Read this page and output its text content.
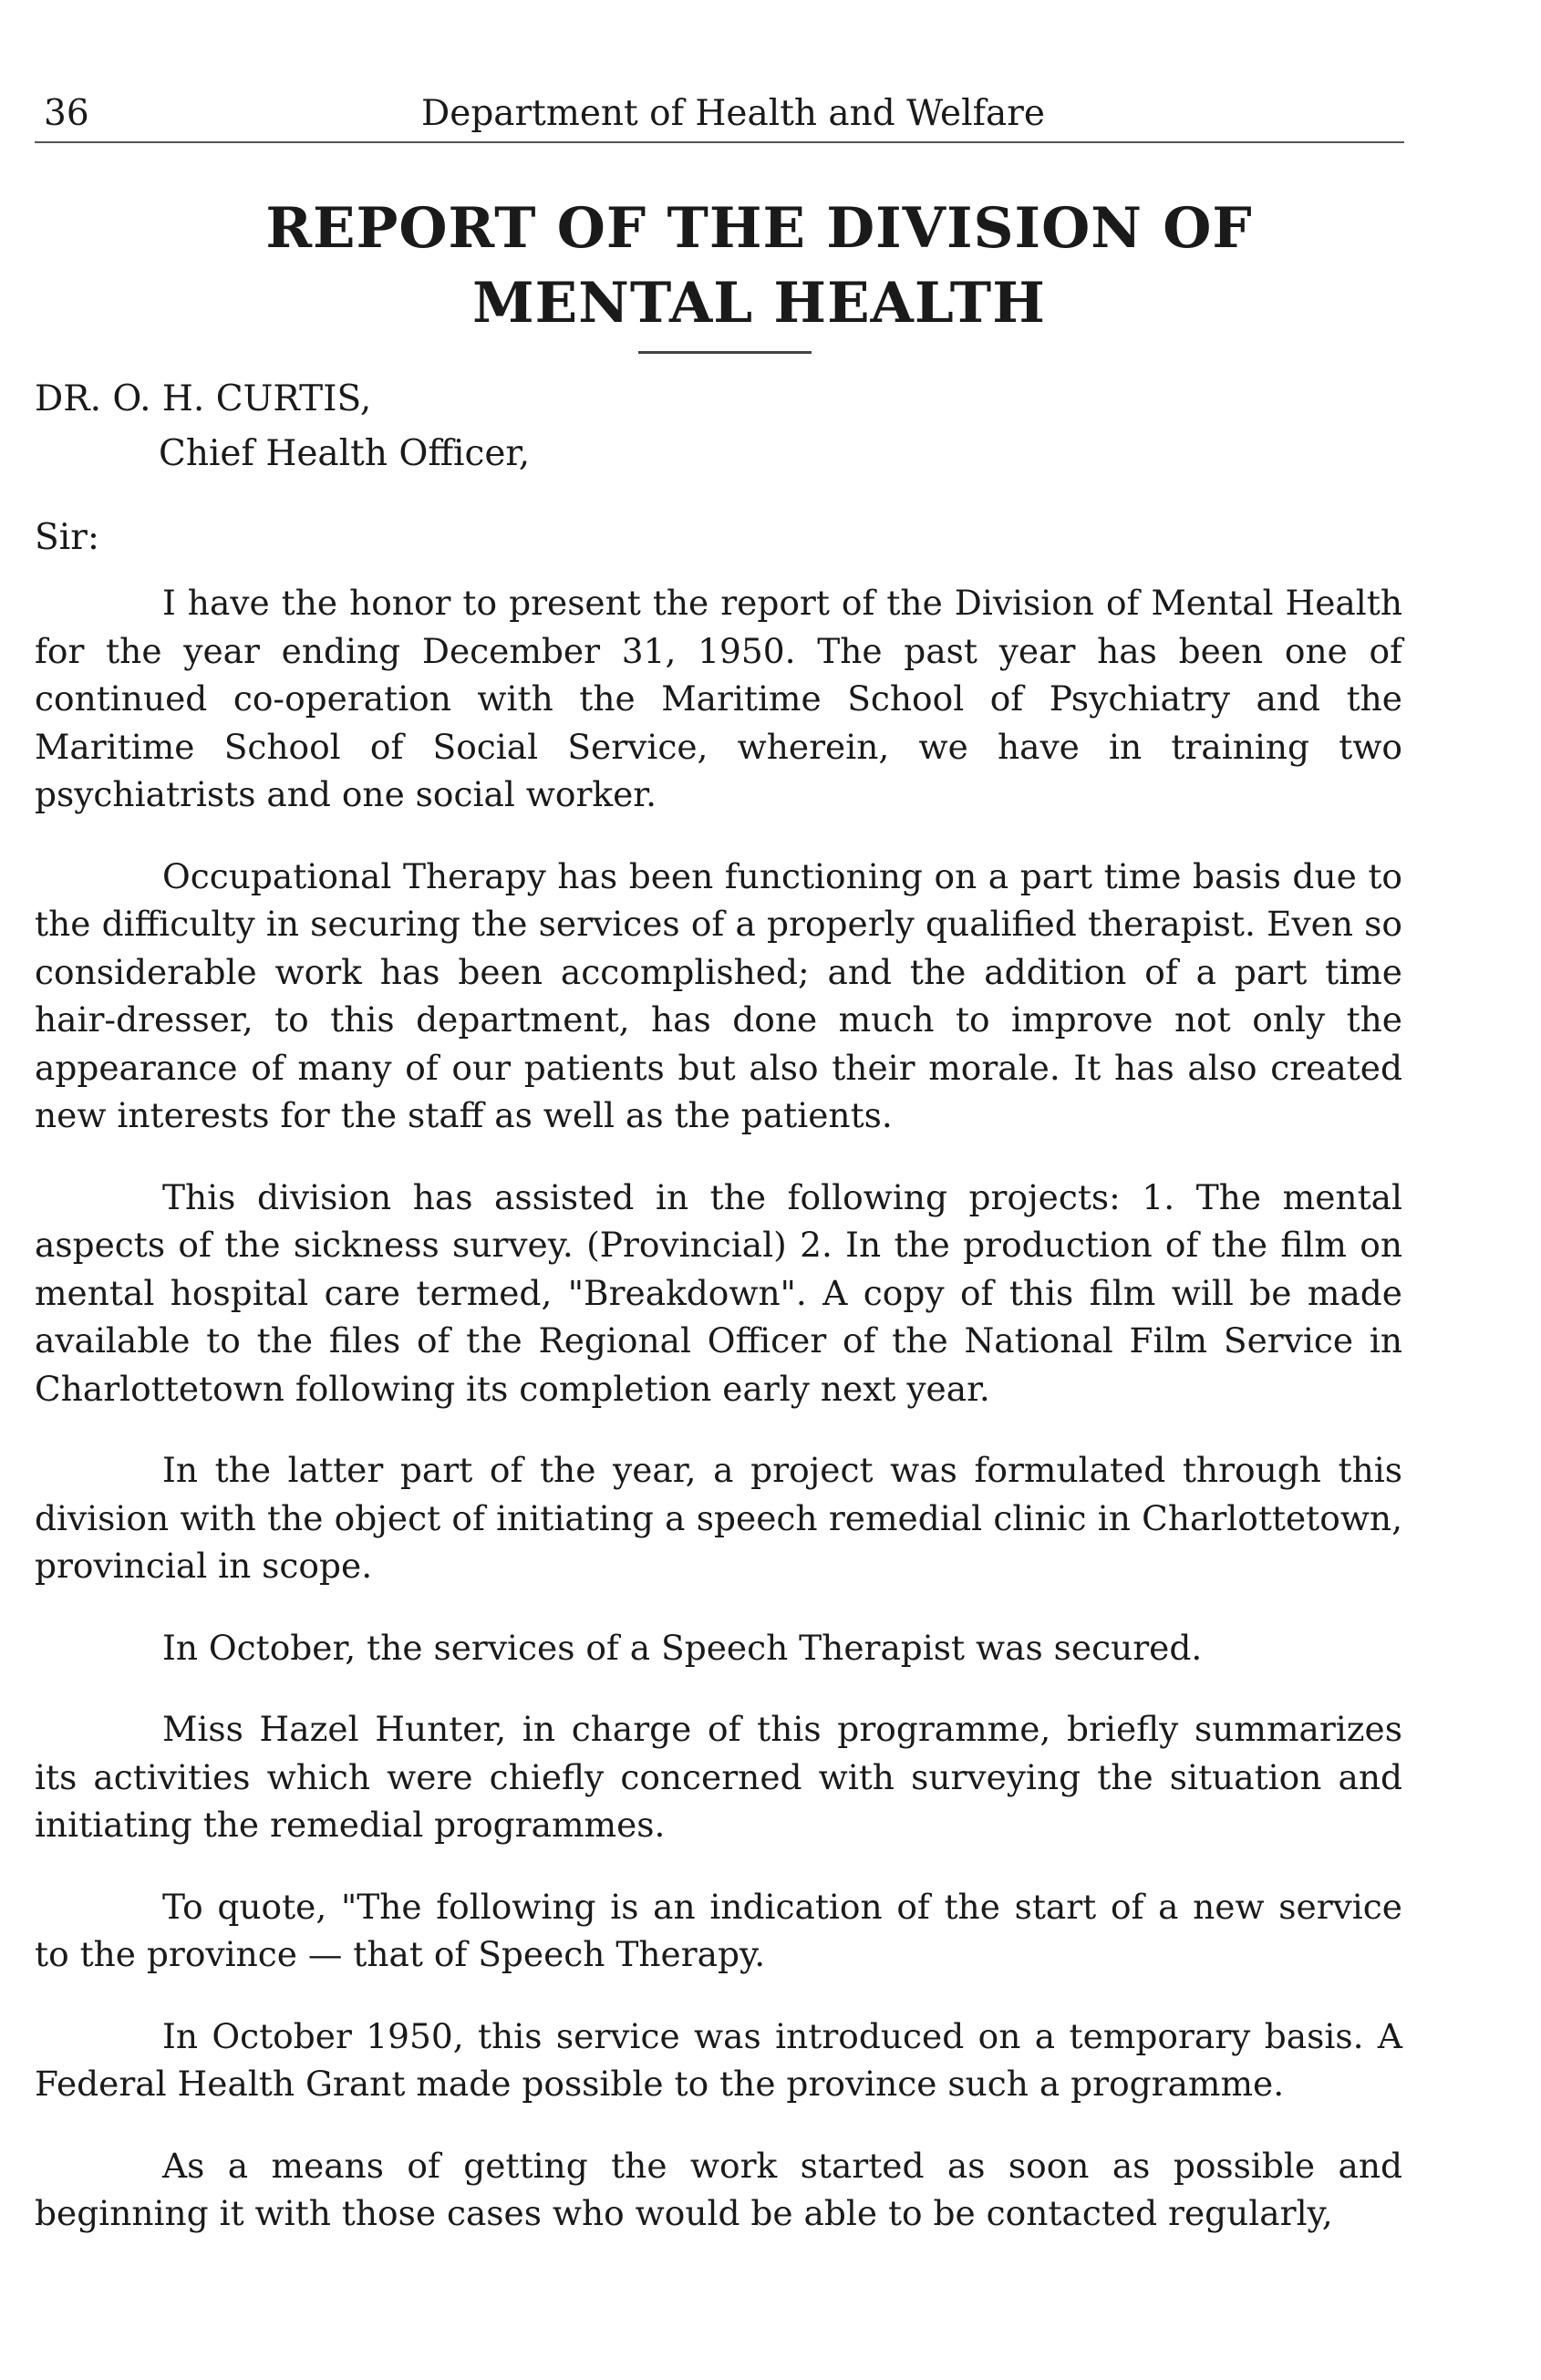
36	Department of Health and Welfare
REPORT OF THE DIVISION OF
MENTAL HEALTH
DR. O. H. CURTIS,
Chief Health Officer,
Sir:

I have the honor to present the report of the Division of Mental Health for the year ending December 31, 1950. The past year has been one of continued co-operation with the Maritime School of Psychiatry and the Maritime School of Social Service, wherein, we have in training two psychiatrists and one social worker.

Occupational Therapy has been functioning on a part time basis due to the difficulty in securing the services of a properly qualified therapist. Even so considerable work has been accomplished; and the addition of a part time hair-dresser, to this department, has done much to improve not only the appearance of many of our patients but also their morale. It has also created new interests for the staff as well as the patients.

This division has assisted in the following projects: 1. The mental aspects of the sickness survey. (Provincial) 2. In the production of the film on mental hospital care termed, "Breakdown". A copy of this film will be made available to the files of the Regional Officer of the National Film Service in Charlottetown following its completion early next year.

In the latter part of the year, a project was formulated through this division with the object of initiating a speech remedial clinic in Charlottetown, provincial in scope.

In October, the services of a Speech Therapist was secured.

Miss Hazel Hunter, in charge of this programme, briefly summarizes its activities which were chiefly concerned with surveying the situation and initiating the remedial programmes.

To quote, "The following is an indication of the start of a new service to the province — that of Speech Therapy.

In October 1950, this service was introduced on a temporary basis. A Federal Health Grant made possible to the province such a programme.

As a means of getting the work started as soon as possible and beginning it with those cases who would be able to be contacted regularly,
